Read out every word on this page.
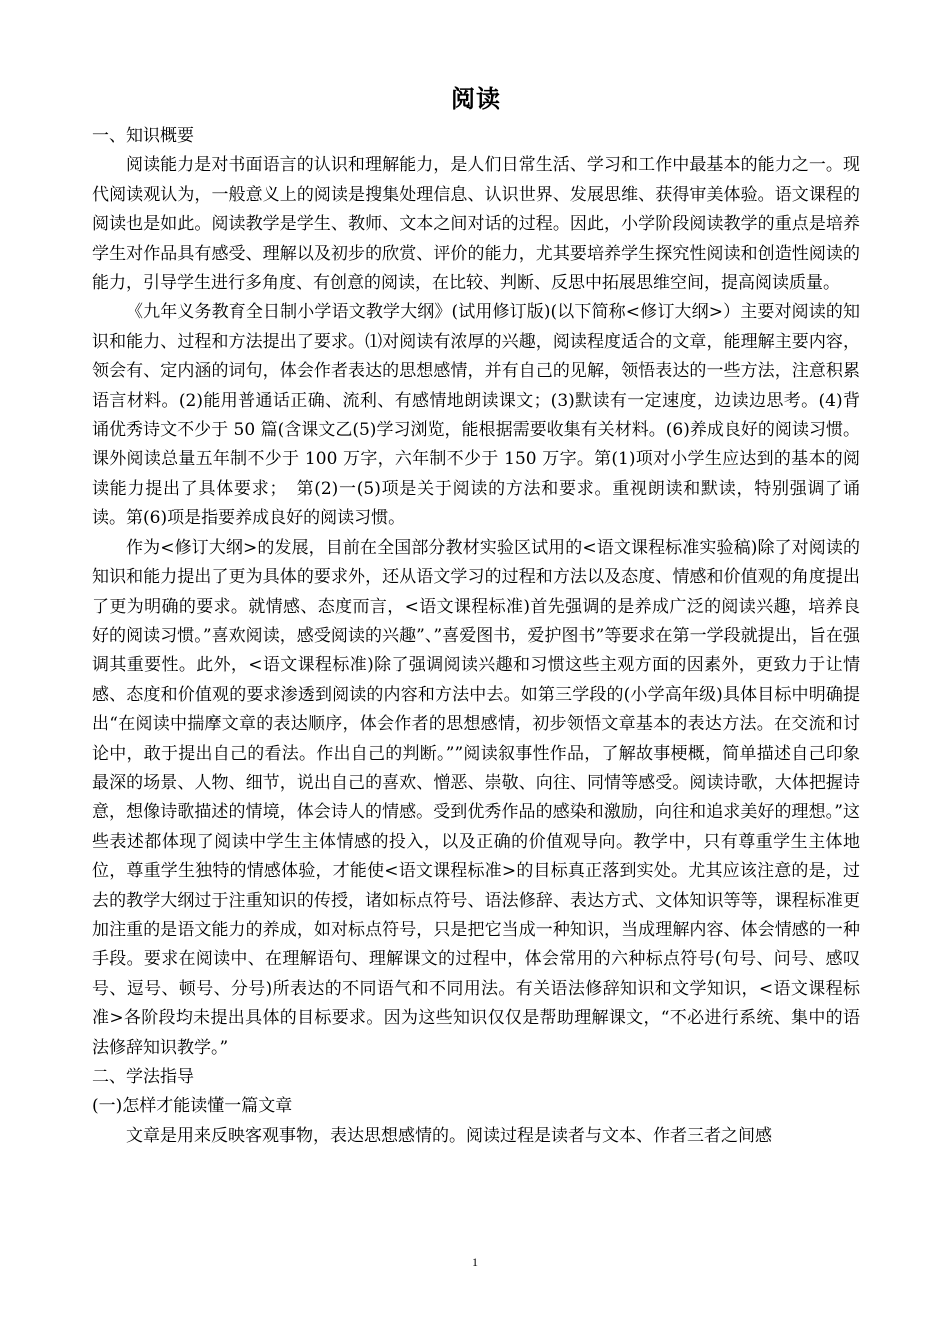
阅读

一、知识概要

阅读能力是对书面语言的认识和理解能力，是人们日常生活、学习和工作中最基本的能力之一。现代阅读观认为，一般意义上的阅读是搜集处理信息、认识世界、发展思维、获得审美体验。语文课程的阅读也是如此。阅读教学是学生、教师、文本之间对话的过程。因此，小学阶段阅读教学的重点是培养学生对作品具有感受、理解以及初步的欣赏、评价的能力，尤其要培养学生探究性阅读和创造性阅读的能力，引导学生进行多角度、有创意的阅读，在比较、判断、反思中拓展思维空间，提高阅读质量。

《九年义务教育全日制小学语文教学大纲》(试用修订版)(以下简称<修订大纲>）主要对阅读的知识和能力、过程和方法提出了要求。⑴对阅读有浓厚的兴趣，阅读程度适合的文章，能理解主要内容，领会有、定内涵的词句，体会作者表达的思想感情，并有自己的见解，领悟表达的一些方法，注意积累语言材料。(2)能用普通话正确、流利、有感情地朗读课文；(3)默读有一定速度，边读边思考。(4)背诵优秀诗文不少于 50 篇(含课文乙(5)学习浏览，能根据需要收集有关材料。(6)养成良好的阅读习惯。课外阅读总量五年制不少于 100 万字，六年制不少于 150 万字。第(1)项对小学生应达到的基本的阅读能力提出了具体要求；　第(2)一(5)项是关于阅读的方法和要求。重视朗读和默读，特别强调了诵读。第(6)项是指要养成良好的阅读习惯。

作为<修订大纲>的发展，目前在全国部分教材实验区试用的<语文课程标准实验稿)除了对阅读的知识和能力提出了更为具体的要求外，还从语文学习的过程和方法以及态度、情感和价值观的角度提出了更为明确的要求。就情感、态度而言，<语文课程标准)首先强调的是养成广泛的阅读兴趣，培养良好的阅读习惯。”喜欢阅读，感受阅读的兴趣”、”喜爱图书，爱护图书”等要求在第一学段就提出，旨在强调其重要性。此外，<语文课程标准)除了强调阅读兴趣和习惯这些主观方面的因素外，更致力于让情感、态度和价值观的要求渗透到阅读的内容和方法中去。如第三学段的(小学高年级)具体目标中明确提出“在阅读中揣摩文章的表达顺序，体会作者的思想感情，初步领悟文章基本的表达方法。在交流和讨论中，敢于提出自己的看法。作出自己的判断。””阅读叙事性作品，了解故事梗概，简单描述自己印象最深的场景、人物、细节，说出自己的喜欢、憎恶、崇敬、向往、同情等感受。阅读诗歌，大体把握诗意，想像诗歌描述的情境，体会诗人的情感。受到优秀作品的感染和激励，向往和追求美好的理想。”这些表述都体现了阅读中学生主体情感的投入，以及正确的价值观导向。教学中，只有尊重学生主体地位，尊重学生独特的情感体验，才能使<语文课程标准>的目标真正落到实处。尤其应该注意的是，过去的教学大纲过于注重知识的传授，诸如标点符号、语法修辞、表达方式、文体知识等等，课程标准更加注重的是语文能力的养成，如对标点符号，只是把它当成一种知识，当成理解内容、体会情感的一种手段。要求在阅读中、在理解语句、理解课文的过程中，体会常用的六种标点符号(句号、问号、感叹号、逗号、顿号、分号)所表达的不同语气和不同用法。有关语法修辞知识和文学知识，<语文课程标准>各阶段均未提出具体的目标要求。因为这些知识仅仅是帮助理解课文，“不必进行系统、集中的语法修辞知识教学。”

二、学法指导

(一)怎样才能读懂一篇文章

文章是用来反映客观事物，表达思想感情的。阅读过程是读者与文本、作者三者之间感

1
